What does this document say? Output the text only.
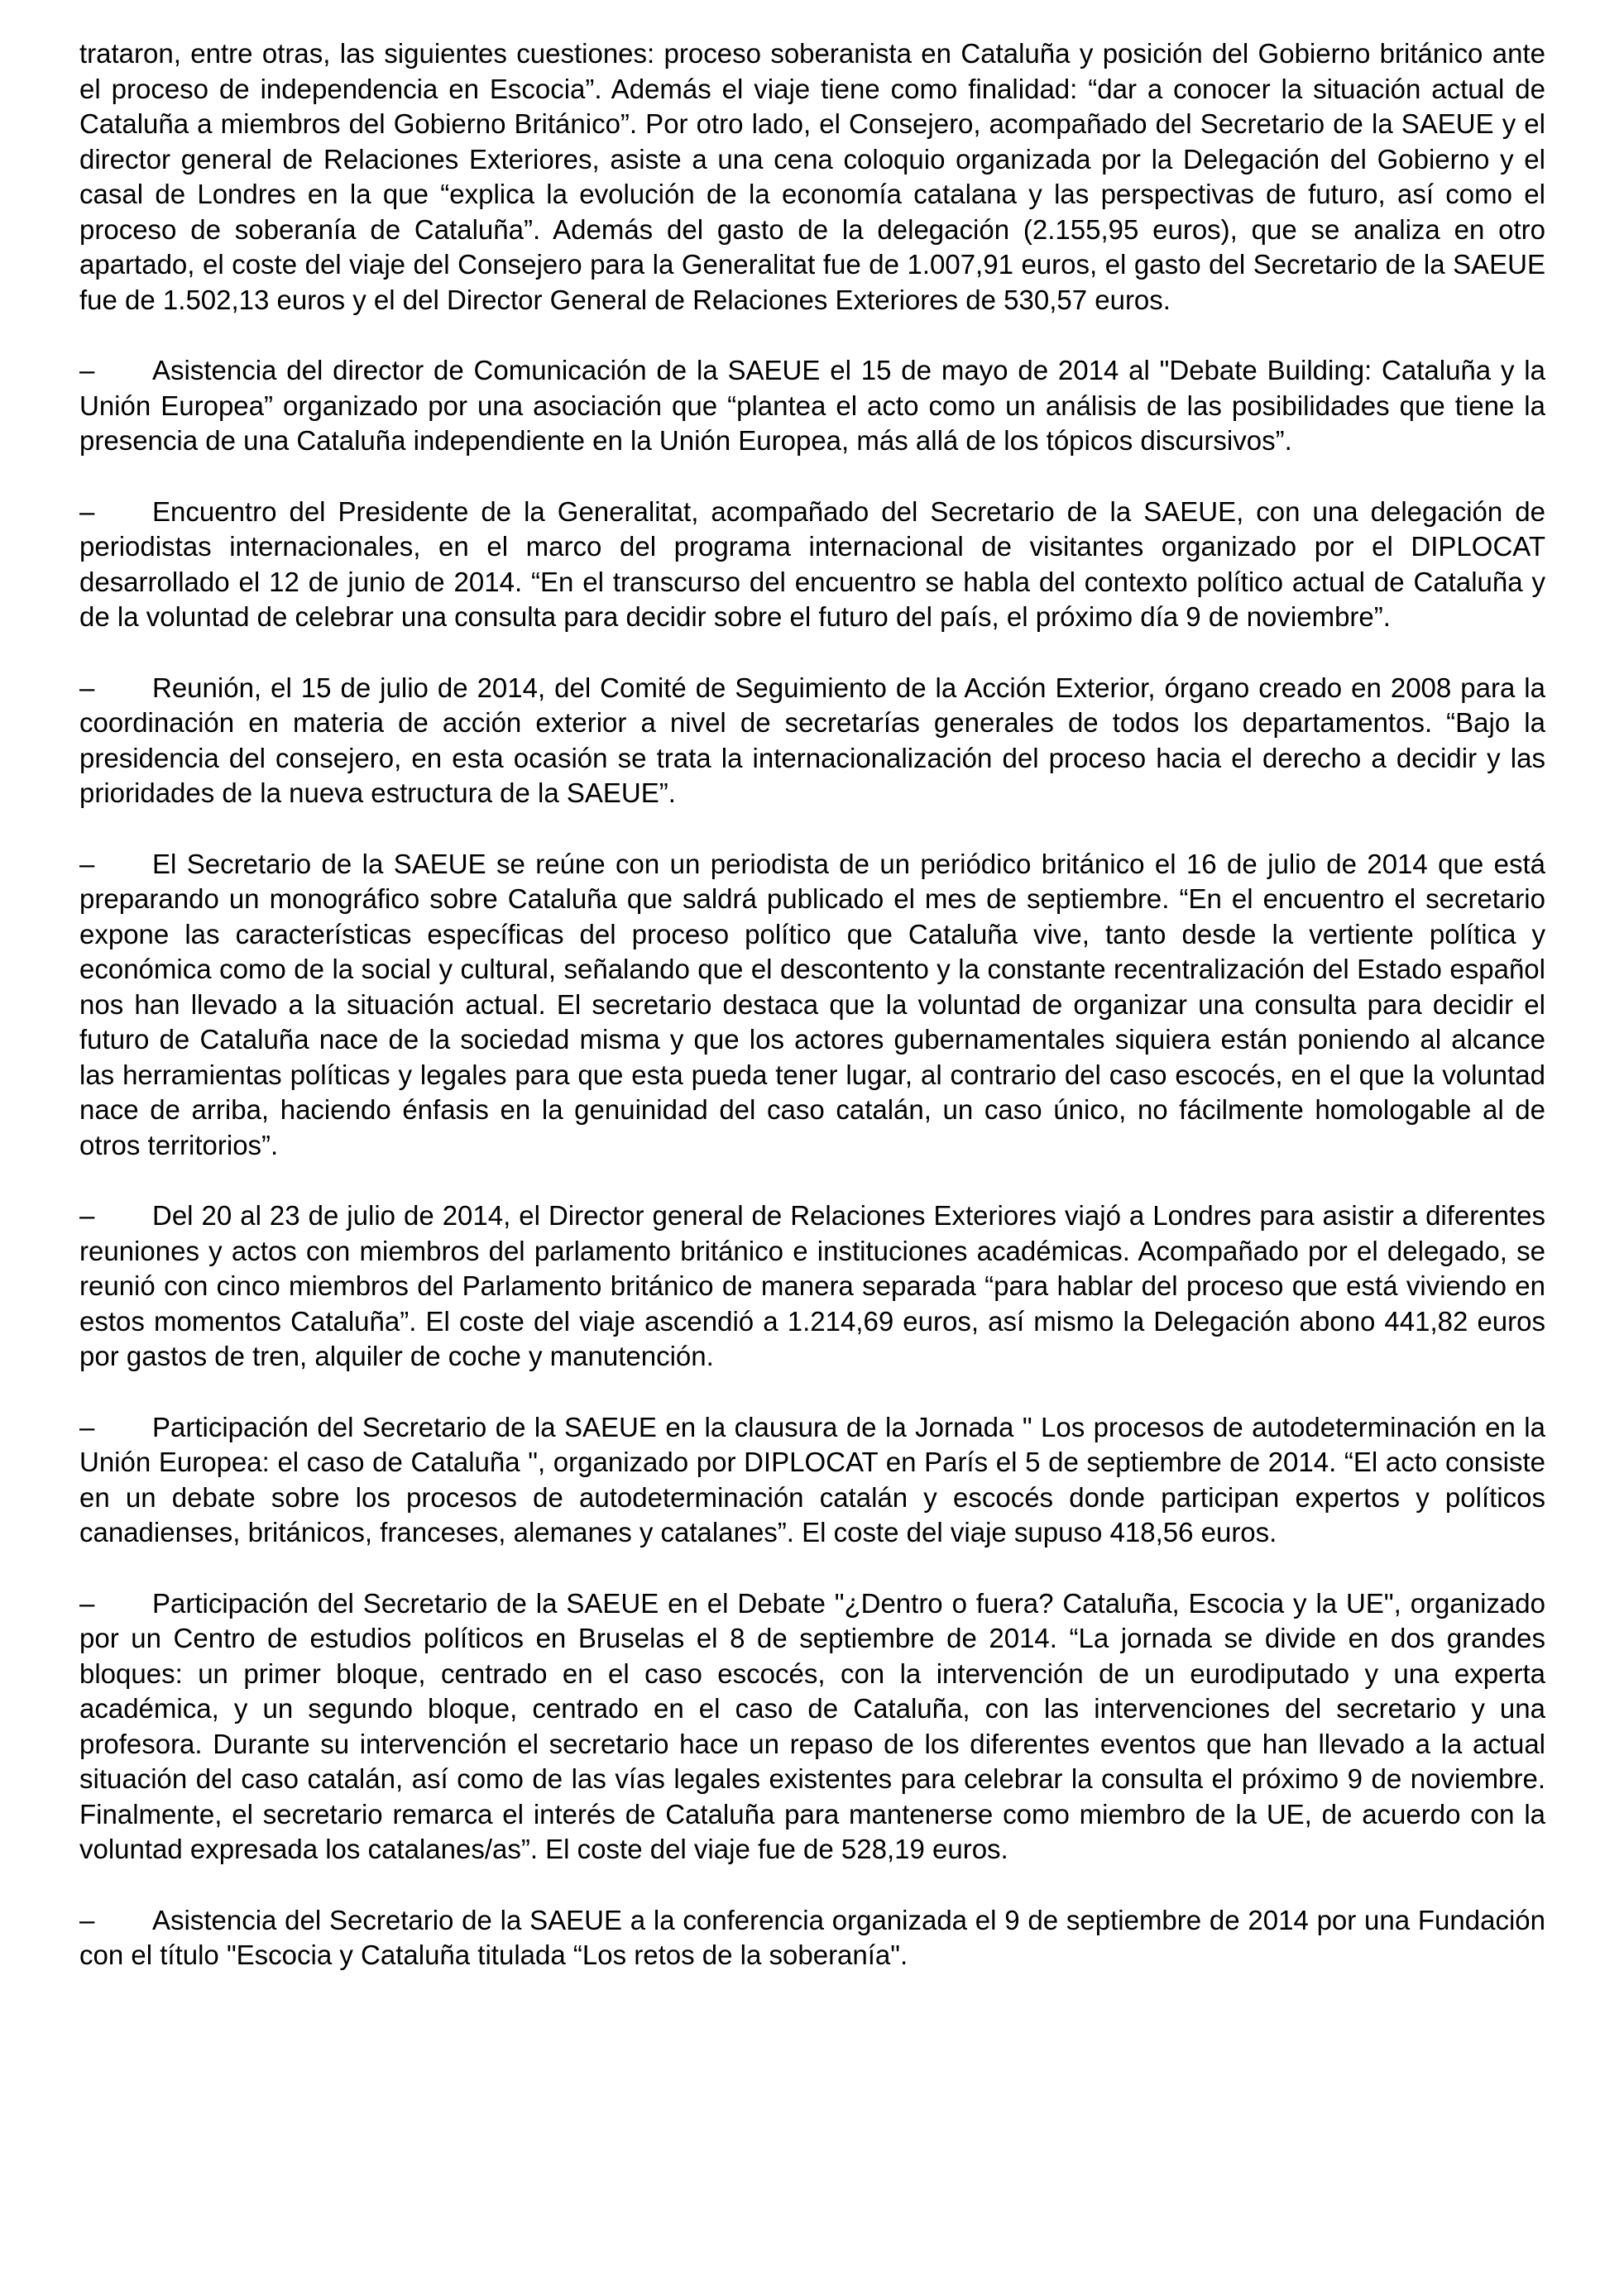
trataron, entre otras, las siguientes cuestiones: proceso soberanista en Cataluña y posición del Gobierno británico ante el proceso de independencia en Escocia”. Además el viaje tiene como finalidad: “dar a conocer la situación actual de Cataluña a miembros del Gobierno Británico”. Por otro lado, el Consejero, acompañado del Secretario de la SAEUE y el director general de Relaciones Exteriores, asiste a una cena coloquio organizada por la Delegación del Gobierno y el casal de Londres en la que “explica la evolución de la economía catalana y las perspectivas de futuro, así como el proceso de soberanía de Cataluña”. Además del gasto de la delegación (2.155,95 euros), que se analiza en otro apartado, el coste del viaje del Consejero para la Generalitat fue de 1.007,91 euros, el gasto del Secretario de la SAEUE fue de 1.502,13 euros y el del Director General de Relaciones Exteriores de 530,57 euros.

– Asistencia del director de Comunicación de la SAEUE el 15 de mayo de 2014 al "Debate Building: Cataluña y la Unión Europea” organizado por una asociación que “plantea el acto como un análisis de las posibilidades que tiene la presencia de una Cataluña independiente en la Unión Europea, más allá de los tópicos discursivos”.

– Encuentro del Presidente de la Generalitat, acompañado del Secretario de la SAEUE, con una delegación de periodistas internacionales, en el marco del programa internacional de visitantes organizado por el DIPLOCAT desarrollado el 12 de junio de 2014. “En el transcurso del encuentro se habla del contexto político actual de Cataluña y de la voluntad de celebrar una consulta para decidir sobre el futuro del país, el próximo día 9 de noviembre”.

– Reunión, el 15 de julio de 2014, del Comité de Seguimiento de la Acción Exterior, órgano creado en 2008 para la coordinación en materia de acción exterior a nivel de secretarías generales de todos los departamentos. “Bajo la presidencia del consejero, en esta ocasión se trata la internacionalización del proceso hacia el derecho a decidir y las prioridades de la nueva estructura de la SAEUE”.

– El Secretario de la SAEUE se reúne con un periodista de un periódico británico el 16 de julio de 2014 que está preparando un monográfico sobre Cataluña que saldrá publicado el mes de septiembre. “En el encuentro el secretario expone las características específicas del proceso político que Cataluña vive, tanto desde la vertiente política y económica como de la social y cultural, señalando que el descontento y la constante recentralización del Estado español nos han llevado a la situación actual. El secretario destaca que la voluntad de organizar una consulta para decidir el futuro de Cataluña nace de la sociedad misma y que los actores gubernamentales siquiera están poniendo al alcance las herramientas políticas y legales para que esta pueda tener lugar, al contrario del caso escocés, en el que la voluntad nace de arriba, haciendo énfasis en la genuinidad del caso catalán, un caso único, no fácilmente homologable al de otros territorios”.

– Del 20 al 23 de julio de 2014, el Director general de Relaciones Exteriores viajó a Londres para asistir a diferentes reuniones y actos con miembros del parlamento británico e instituciones académicas. Acompañado por el delegado, se reunió con cinco miembros del Parlamento británico de manera separada “para hablar del proceso que está viviendo en estos momentos Cataluña”. El coste del viaje ascendió a 1.214,69 euros, así mismo la Delegación abono 441,82 euros por gastos de tren, alquiler de coche y manutención.

– Participación del Secretario de la SAEUE en la clausura de la Jornada " Los procesos de autodeterminación en la Unión Europea: el caso de Cataluña ", organizado por DIPLOCAT en París el 5 de septiembre de 2014. “El acto consiste en un debate sobre los procesos de autodeterminación catalán y escocés donde participan expertos y políticos canadienses, británicos, franceses, alemanes y catalanes”. El coste del viaje supuso 418,56 euros.

– Participación del Secretario de la SAEUE en el Debate "¿Dentro o fuera? Cataluña, Escocia y la UE", organizado por un Centro de estudios políticos en Bruselas el 8 de septiembre de 2014. “La jornada se divide en dos grandes bloques: un primer bloque, centrado en el caso escocés, con la intervención de un eurodiputado y una experta académica, y un segundo bloque, centrado en el caso de Cataluña, con las intervenciones del secretario y una profesora. Durante su intervención el secretario hace un repaso de los diferentes eventos que han llevado a la actual situación del caso catalán, así como de las vías legales existentes para celebrar la consulta el próximo 9 de noviembre. Finalmente, el secretario remarca el interés de Cataluña para mantenerse como miembro de la UE, de acuerdo con la voluntad expresada los catalanes/as”. El coste del viaje fue de 528,19 euros.

– Asistencia del Secretario de la SAEUE a la conferencia organizada el 9 de septiembre de 2014 por una Fundación con el título "Escocia y Cataluña titulada “Los retos de la soberanía".
